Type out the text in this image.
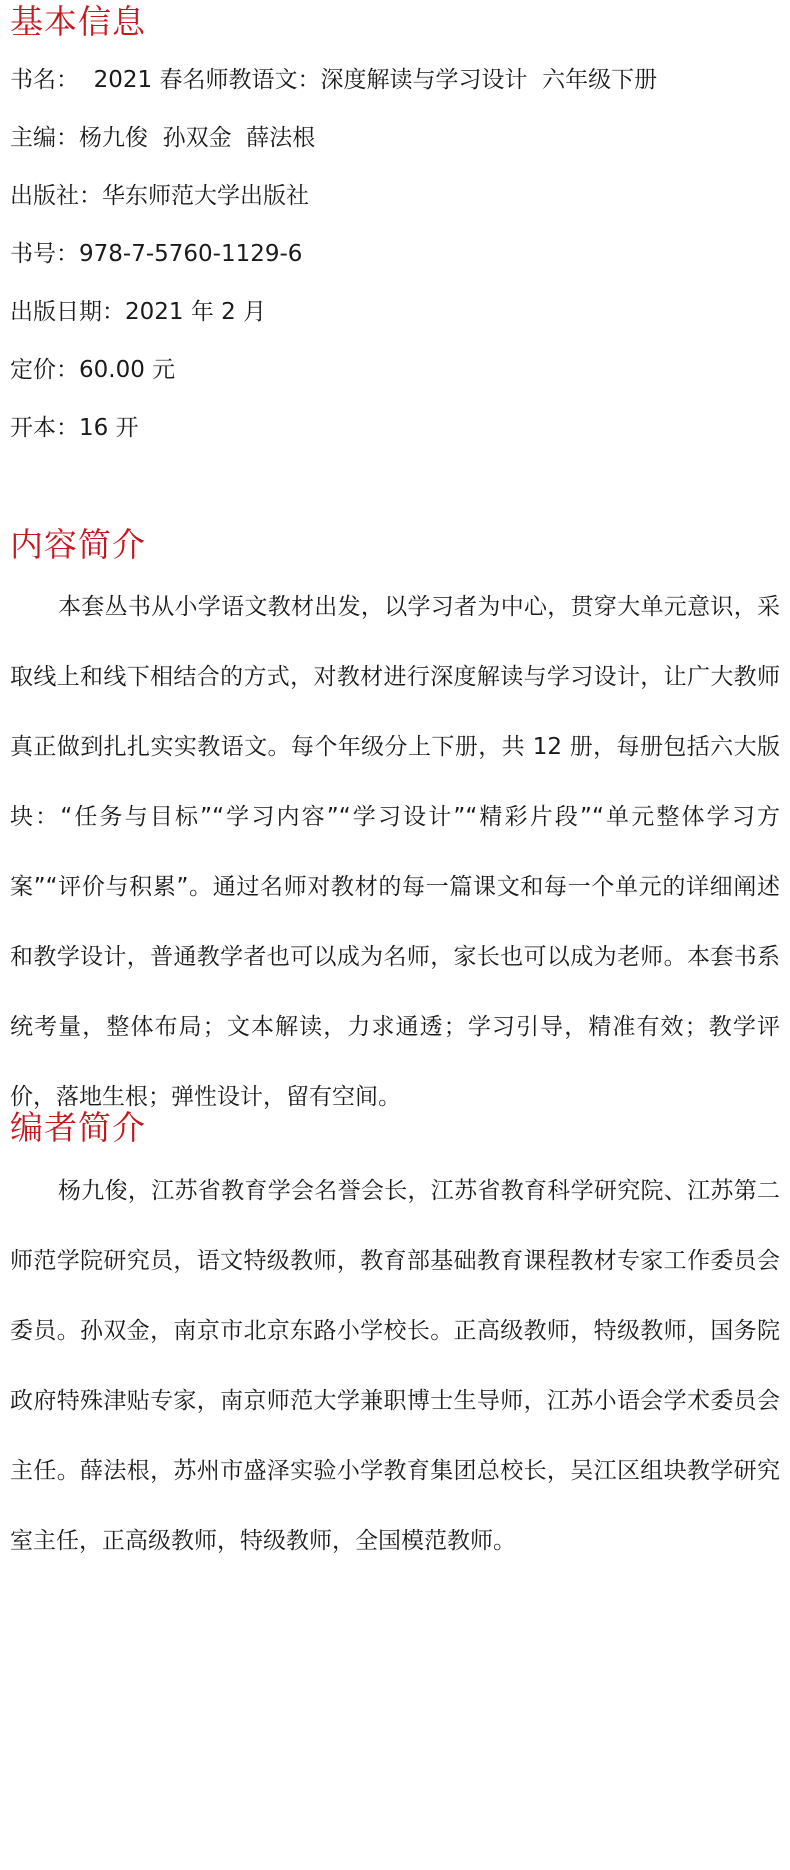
基本信息

书名：  2021 春名师教语文：深度解读与学习设计  六年级下册

主编：杨九俊  孙双金  薛法根

出版社：华东师范大学出版社

书号：978-7-5760-1129-6

出版日期：2021 年 2 月

定价：60.00 元

开本：16 开

内容简介

本套丛书从小学语文教材出发，以学习者为中心，贯穿大单元意识，采取线上和线下相结合的方式，对教材进行深度解读与学习设计，让广大教师真正做到扎扎实实教语文。每个年级分上下册，共 12 册，每册包括六大版块：“任务与目标”“学习内容”“学习设计”“精彩片段”“单元整体学习方案”“评价与积累”。通过名师对教材的每一篇课文和每一个单元的详细阐述和教学设计，普通教学者也可以成为名师，家长也可以成为老师。本套书系统考量，整体布局；文本解读，力求通透；学习引导，精准有效；教学评价，落地生根；弹性设计，留有空间。

编者简介

杨九俊，江苏省教育学会名誉会长，江苏省教育科学研究院、江苏第二师范学院研究员，语文特级教师，教育部基础教育课程教材专家工作委员会委员。孙双金，南京市北京东路小学校长。正高级教师，特级教师，国务院政府特殊津贴专家，南京师范大学兼职博士生导师，江苏小语会学术委员会主任。薛法根，苏州市盛泽实验小学教育集团总校长，吴江区组块教学研究室主任，正高级教师，特级教师，全国模范教师。
